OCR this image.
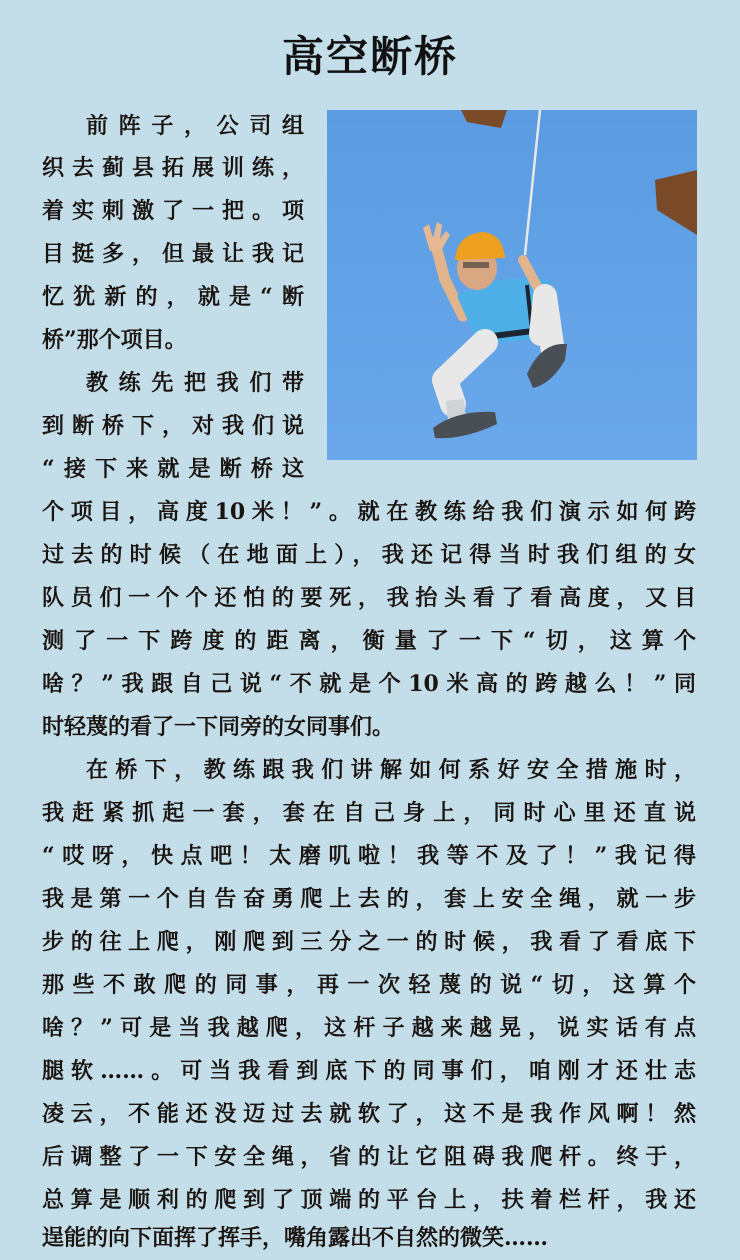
高空断桥
前阵子，公司组
织去蓟县拓展训练，
着实刺激了一把。项
目挺多，但最让我记
忆犹新的，就是“断
桥”那个项目。
教练先把我们带
到断桥下，对我们说
“接下来就是断桥这
个项目，高度10米！”。就在教练给我们演示如何跨
过去的时候（在地面上），我还记得当时我们组的女
队员们一个个还怕的要死，我抬头看了看高度，又目
测了一下跨度的距离，衡量了一下“切，这算个
啥？”我跟自己说“不就是个10米高的跨越么！”同
时轻蔑的看了一下同旁的女同事们。
在桥下，教练跟我们讲解如何系好安全措施时，
我赶紧抓起一套，套在自己身上，同时心里还直说
“哎呀，快点吧！太磨叽啦！我等不及了！”我记得
我是第一个自告奋勇爬上去的，套上安全绳，就一步
步的往上爬，刚爬到三分之一的时候，我看了看底下
那些不敢爬的同事，再一次轻蔑的说“切，这算个
啥？”可是当我越爬，这杆子越来越晃，说实话有点
腿软……。可当我看到底下的同事们，咱刚才还壮志
凌云，不能还没迈过去就软了，这不是我作风啊！然
后调整了一下安全绳，省的让它阻碍我爬杆。终于，
总算是顺利的爬到了顶端的平台上，扶着栏杆，我还
逞能的向下面挥了挥手，嘴角露出不自然的微笑……
